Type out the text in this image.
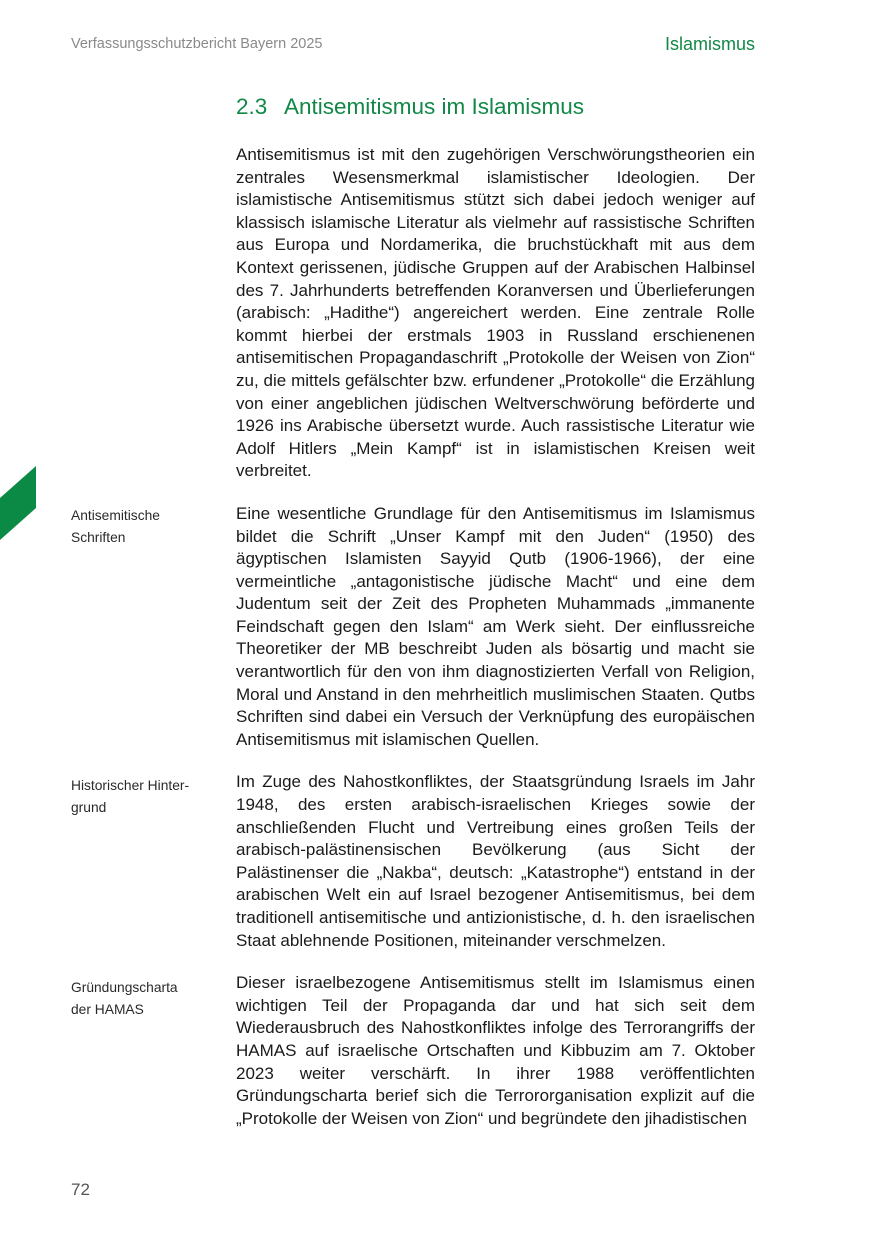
Verfassungsschutzbericht Bayern 2025	Islamismus
2.3 Antisemitismus im Islamismus
Antisemitische
Schriften
Historischer Hinter-
grund
Gründungscharta
der HAMAS

Antisemitismus ist mit den zugehörigen Verschwörungstheorien ein zentrales Wesensmerkmal islamistischer Ideologien. Der islamistische Antisemitismus stützt sich dabei jedoch weniger auf klassisch islamische Literatur als vielmehr auf rassistische Schriften aus Europa und Nordamerika, die bruchstückhaft mit aus dem Kontext gerissenen, jüdische Gruppen auf der Arabischen Halbinsel des 7. Jahrhunderts betreffenden Koranversen und Überlieferungen (arabisch: „Hadithe“) angereichert werden. Eine zentrale Rolle kommt hierbei der erstmals 1903 in Russland erschienenen antisemitischen Propagandaschrift „Protokolle der Weisen von Zion“ zu, die mittels gefälschter bzw. erfundener „Protokolle“ die Erzählung von einer angeblichen jüdischen Weltverschwörung beförderte und 1926 ins Arabische übersetzt wurde. Auch rassistische Literatur wie Adolf Hitlers „Mein Kampf“ ist in islamistischen Kreisen weit verbreitet.

Eine wesentliche Grundlage für den Antisemitismus im Islamismus bildet die Schrift „Unser Kampf mit den Juden“ (1950) des ägyptischen Islamisten Sayyid Qutb (1906-1966), der eine vermeintliche „antagonistische jüdische Macht“ und eine dem Judentum seit der Zeit des Propheten Muhammads „immanente Feindschaft gegen den Islam“ am Werk sieht. Der einflussreiche Theoretiker der MB beschreibt Juden als bösartig und macht sie verantwortlich für den von ihm diagnostizierten Verfall von Religion, Moral und Anstand in den mehrheitlich muslimischen Staaten. Qutbs Schriften sind dabei ein Versuch der Verknüpfung des europäischen Antisemitismus mit islamischen Quellen.

Im Zuge des Nahostkonfliktes, der Staatsgründung Israels im Jahr 1948, des ersten arabisch-israelischen Krieges sowie der anschließenden Flucht und Vertreibung eines großen Teils der arabisch-palästinensischen Bevölkerung (aus Sicht der Palästinenser die „Nakba“, deutsch: „Katastrophe“) entstand in der arabischen Welt ein auf Israel bezogener Antisemitismus, bei dem traditionell antisemitische und antizionistische, d. h. den israelischen Staat ablehnende Positionen, miteinander verschmelzen.

Dieser israelbezogene Antisemitismus stellt im Islamismus einen wichtigen Teil der Propaganda dar und hat sich seit dem Wiederausbruch des Nahostkonfliktes infolge des Terrorangriffs der HAMAS auf israelische Ortschaften und Kibbuzim am 7. Oktober 2023 weiter verschärft. In ihrer 1988 veröffentlichten Gründungscharta berief sich die Terrororganisation explizit auf die „Protokolle der Weisen von Zion“ und begründete den jihadistischen

72
